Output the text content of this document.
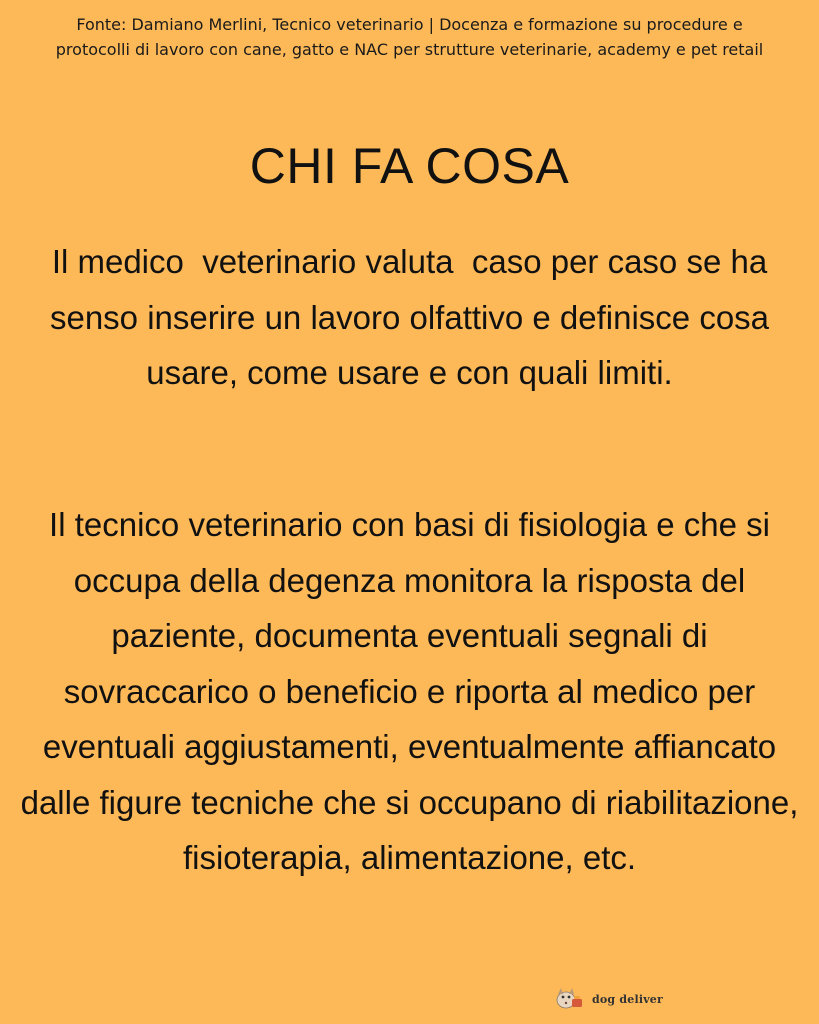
Fonte: Damiano Merlini, Tecnico veterinario | Docenza e formazione su procedure e protocolli di lavoro con cane, gatto e NAC per strutture veterinarie, academy e pet retail
CHI FA COSA
Il medico  veterinario valuta  caso per caso se ha senso inserire un lavoro olfattivo e definisce cosa usare, come usare e con quali limiti.
Il tecnico veterinario con basi di fisiologia e che si occupa della degenza monitora la risposta del paziente, documenta eventuali segnali di sovraccarico o beneficio e riporta al medico per eventuali aggiustamenti, eventualmente affiancato dalle figure tecniche che si occupano di riabilitazione, fisioterapia, alimentazione, etc.
dog deliver
